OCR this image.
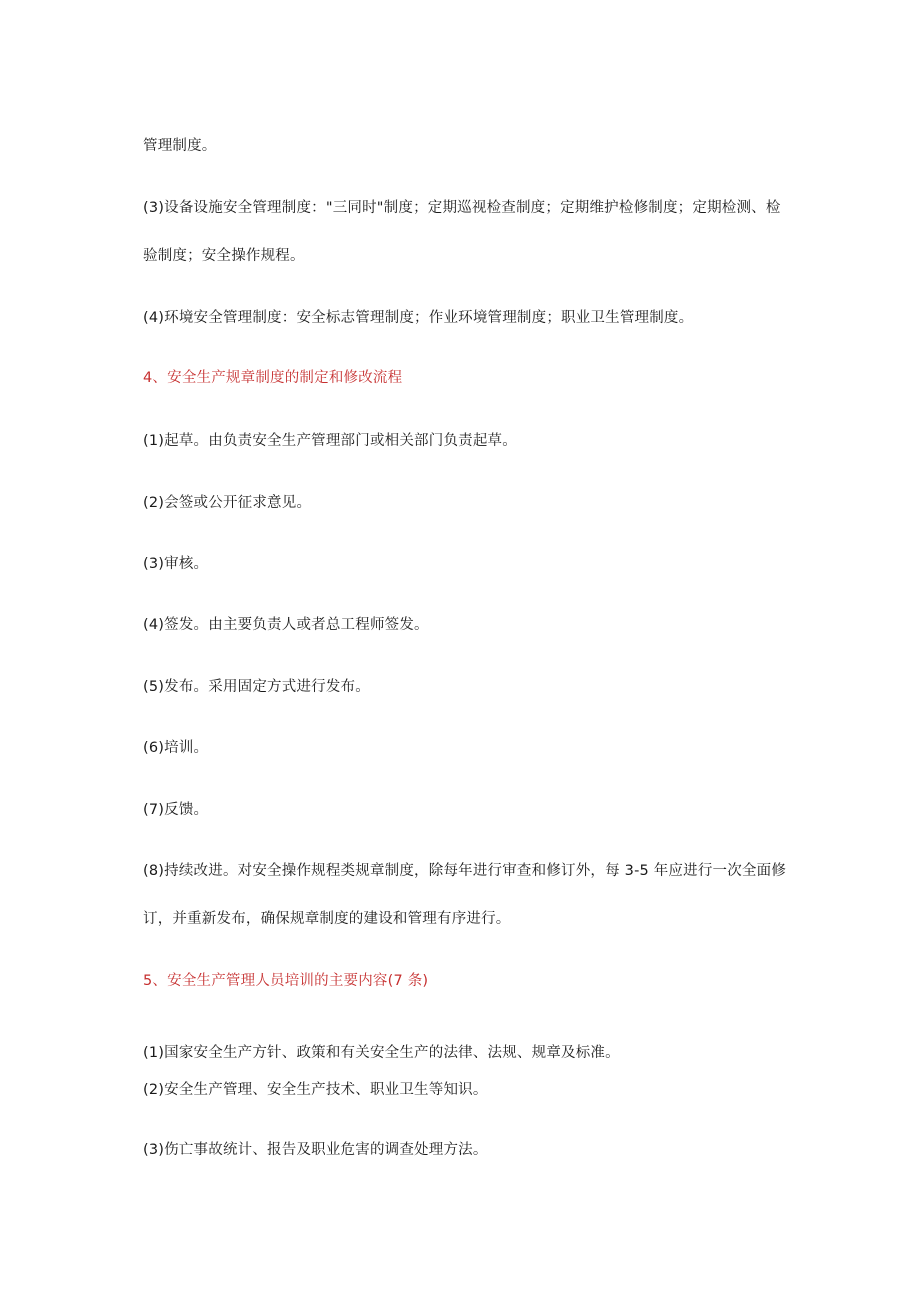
管理制度。
(3)设备设施安全管理制度："三同时"制度；定期巡视检查制度；定期维护检修制度；定期检测、检
验制度；安全操作规程。
(4)环境安全管理制度：安全标志管理制度；作业环境管理制度；职业卫生管理制度。
4、安全生产规章制度的制定和修改流程
(1)起草。由负责安全生产管理部门或相关部门负责起草。
(2)会签或公开征求意见。
(3)审核。
(4)签发。由主要负责人或者总工程师签发。
(5)发布。采用固定方式进行发布。
(6)培训。
(7)反馈。
(8)持续改进。对安全操作规程类规章制度，除每年进行审查和修订外，每 3-5 年应进行一次全面修
订，并重新发布，确保规章制度的建设和管理有序进行。
5、安全生产管理人员培训的主要内容(7 条)
(1)国家安全生产方针、政策和有关安全生产的法律、法规、规章及标准。
(2)安全生产管理、安全生产技术、职业卫生等知识。
(3)伤亡事故统计、报告及职业危害的调查处理方法。
